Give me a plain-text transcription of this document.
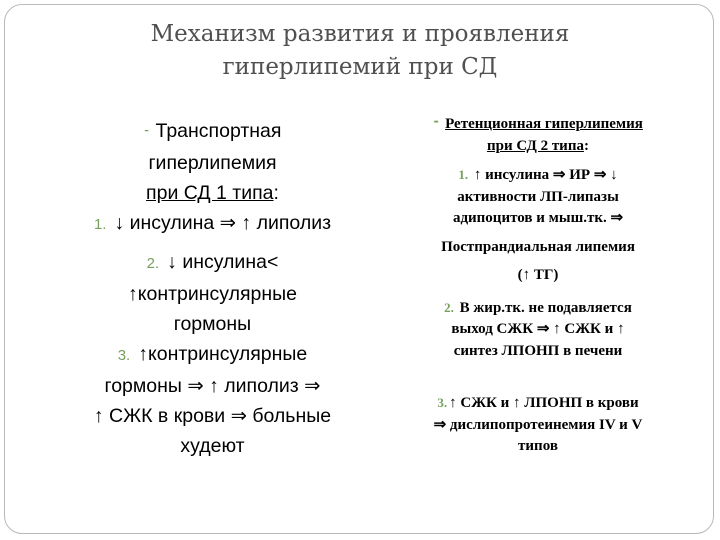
Механизм развития и проявления
гиперлипемий при СД
⁃ Транспортная
гиперлипемия
при СД 1 типа:
1. ↓ инсулина ⇒ ↑ липолиз
2. ↓ инсулина<
↑контринсулярные
гормоны
3. ↑контринсулярные
гормоны ⇒ ↑ липолиз ⇒
↑ СЖК в крови ⇒ больные
худеют
⁃ Ретенционная гиперлипемия
при СД 2 типа:
1. ↑ инсулина ⇒ ИР ⇒ ↓
активности ЛП-липазы
адипоцитов и мыш.тк. ⇒
Постпрандиальная липемия
(↑ ТГ)
2. В жир.тк. не подавляется
выход СЖК ⇒ ↑ СЖК и ↑
синтез ЛПОНП в печени
3. ↑ СЖК и ↑ ЛПОНП в крови
⇒ дислипопротеинемия IV и V
типов
